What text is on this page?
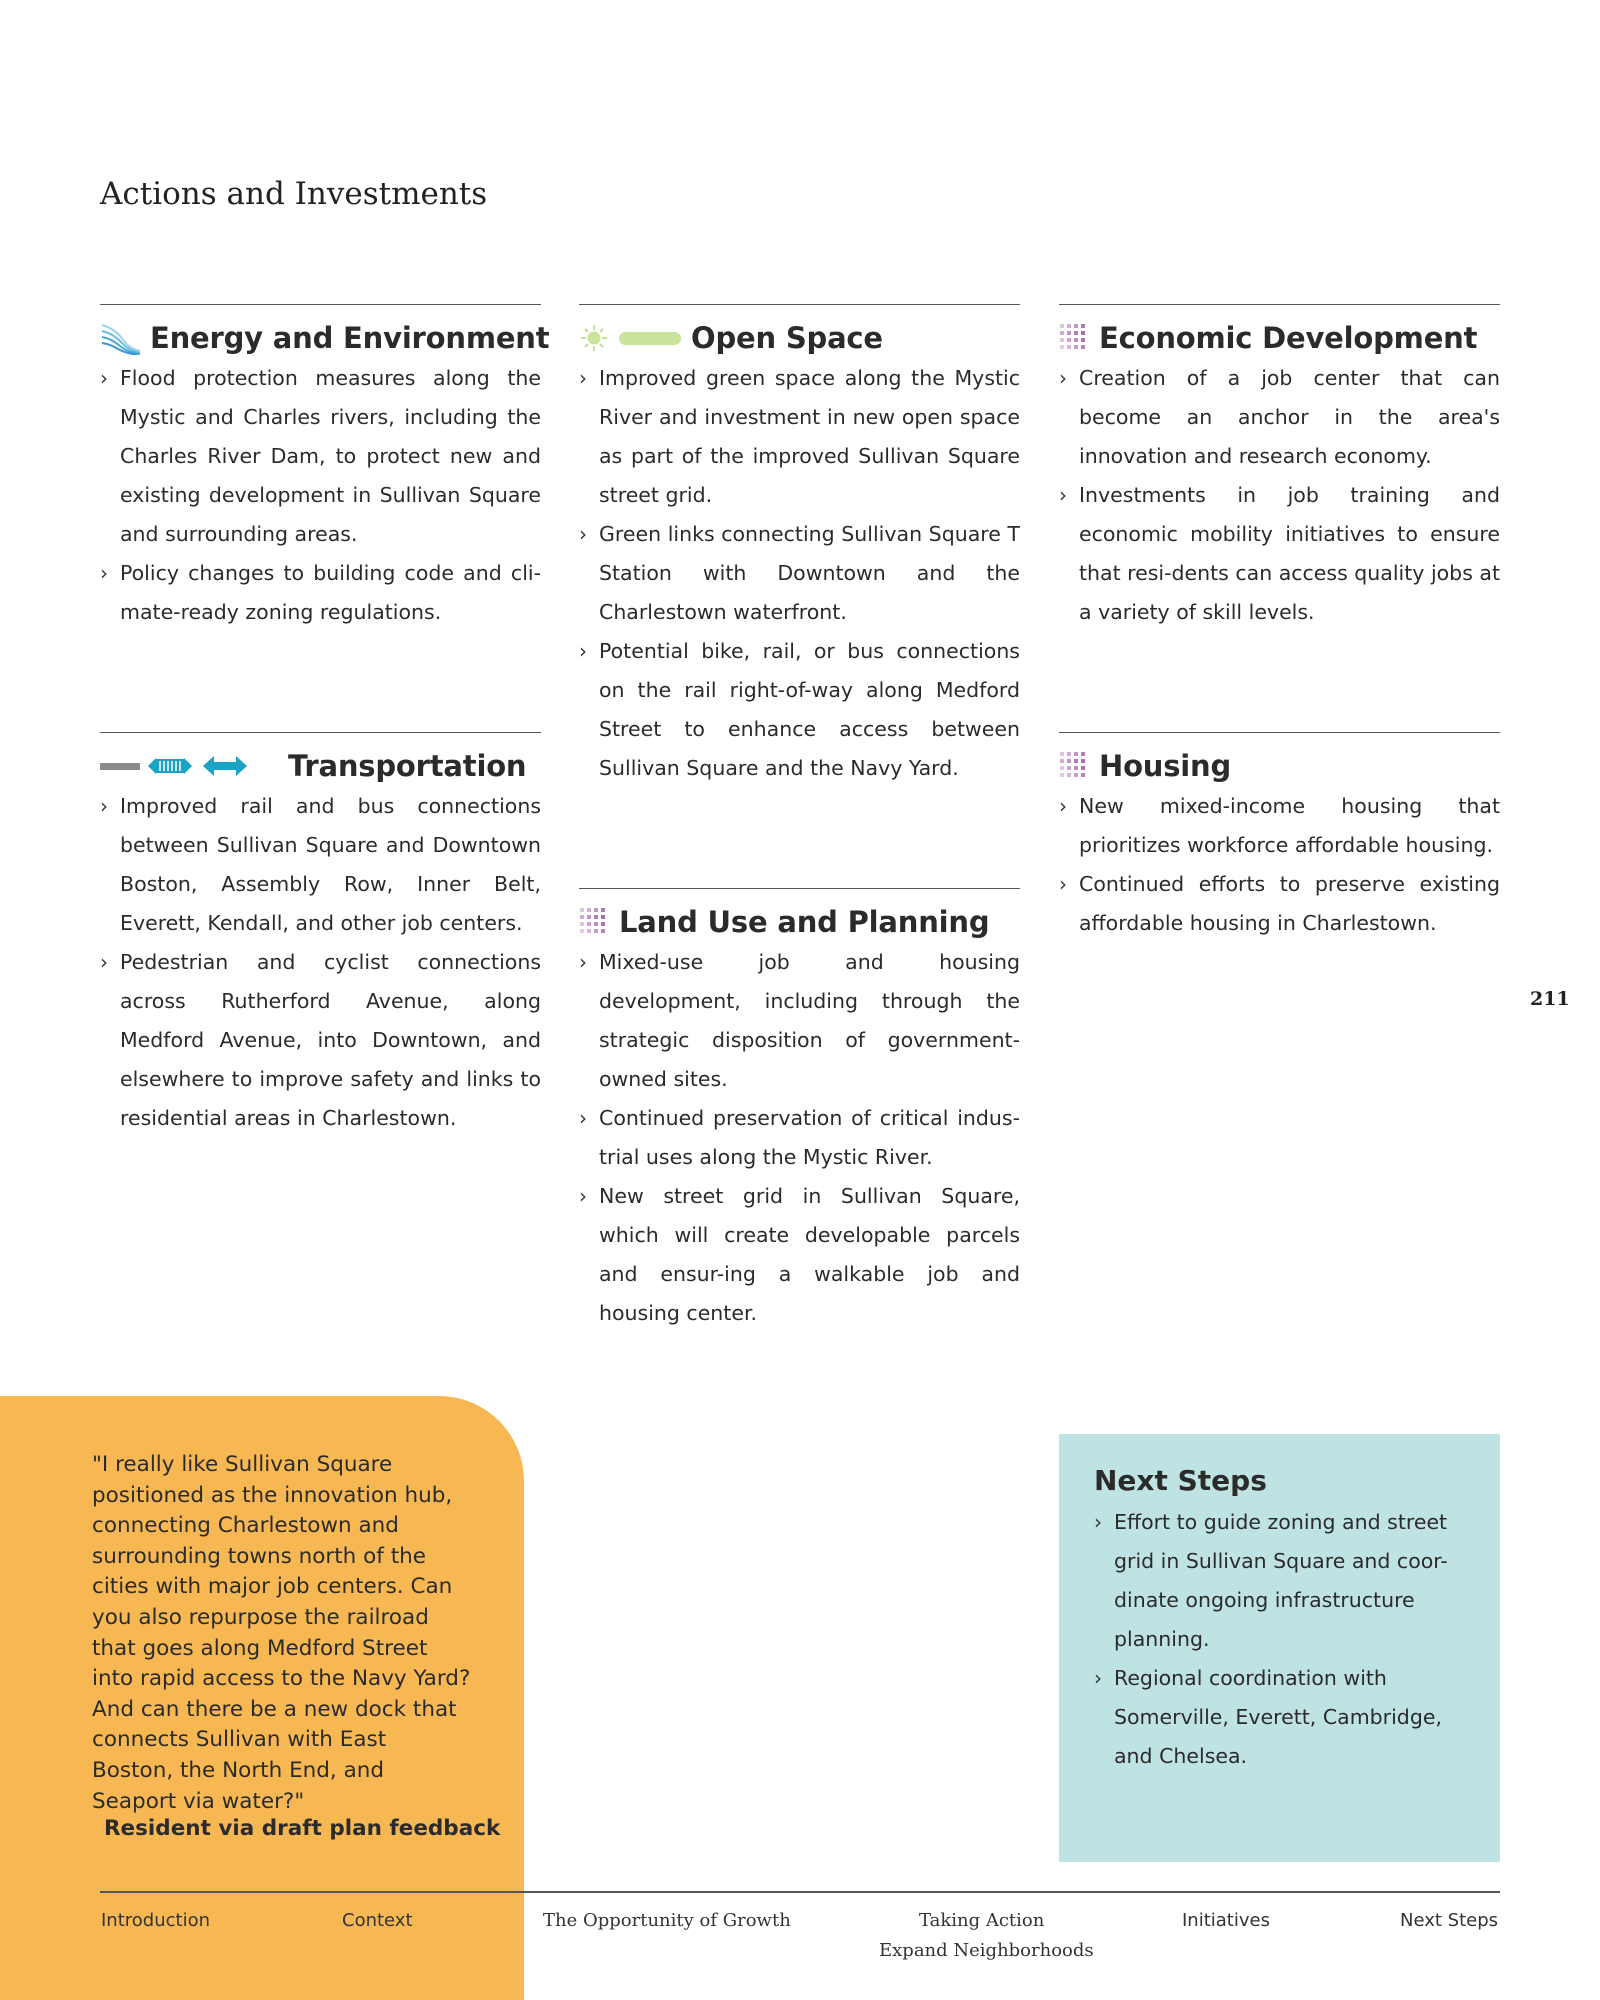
Actions and Investments
Energy and Environment
› Flood protection measures along the Mystic and Charles rivers, including the Charles River Dam, to protect new and existing development in Sullivan Square and surrounding areas.
› Policy changes to building code and cli-mate-ready zoning regulations.
Open Space
› Improved green space along the Mystic River and investment in new open space as part of the improved Sullivan Square street grid.
› Green links connecting Sullivan Square T Station with Downtown and the Charlestown waterfront.
› Potential bike, rail, or bus connections on the rail right-of-way along Medford Street to enhance access between Sullivan Square and the Navy Yard.
Economic Development
› Creation of a job center that can become an anchor in the area's innovation and research economy.
› Investments in job training and economic mobility initiatives to ensure that resi-dents can access quality jobs at a variety of skill levels.
Transportation
› Improved rail and bus connections between Sullivan Square and Downtown Boston, Assembly Row, Inner Belt, Everett, Kendall, and other job centers.
› Pedestrian and cyclist connections across Rutherford Avenue, along Medford Avenue, into Downtown, and elsewhere to improve safety and links to residential areas in Charlestown.
Land Use and Planning
› Mixed-use job and housing development, including through the strategic disposition of government-owned sites.
› Continued preservation of critical indus-trial uses along the Mystic River.
› New street grid in Sullivan Square, which will create developable parcels and ensur-ing a walkable job and housing center.
Housing
› New mixed-income housing that prioritizes workforce affordable housing.
› Continued efforts to preserve existing affordable housing in Charlestown.
211

"I really like Sullivan Square positioned as the innovation hub, connecting Charlestown and surrounding towns north of the cities with major job centers. Can you also repurpose the railroad that goes along Medford Street into rapid access to the Navy Yard? And can there be a new dock that connects Sullivan with East Boston, the North End, and Seaport via water?"

Resident via draft plan feedback
Next Steps
› Effort to guide zoning and street grid in Sullivan Square and coor-dinate ongoing infrastructure planning.
› Regional coordination with Somerville, Everett, Cambridge, and Chelsea.
Introduction	Context	The Opportunity of Growth	Taking Action
Expand Neighborhoods
Initiatives	Next Steps
